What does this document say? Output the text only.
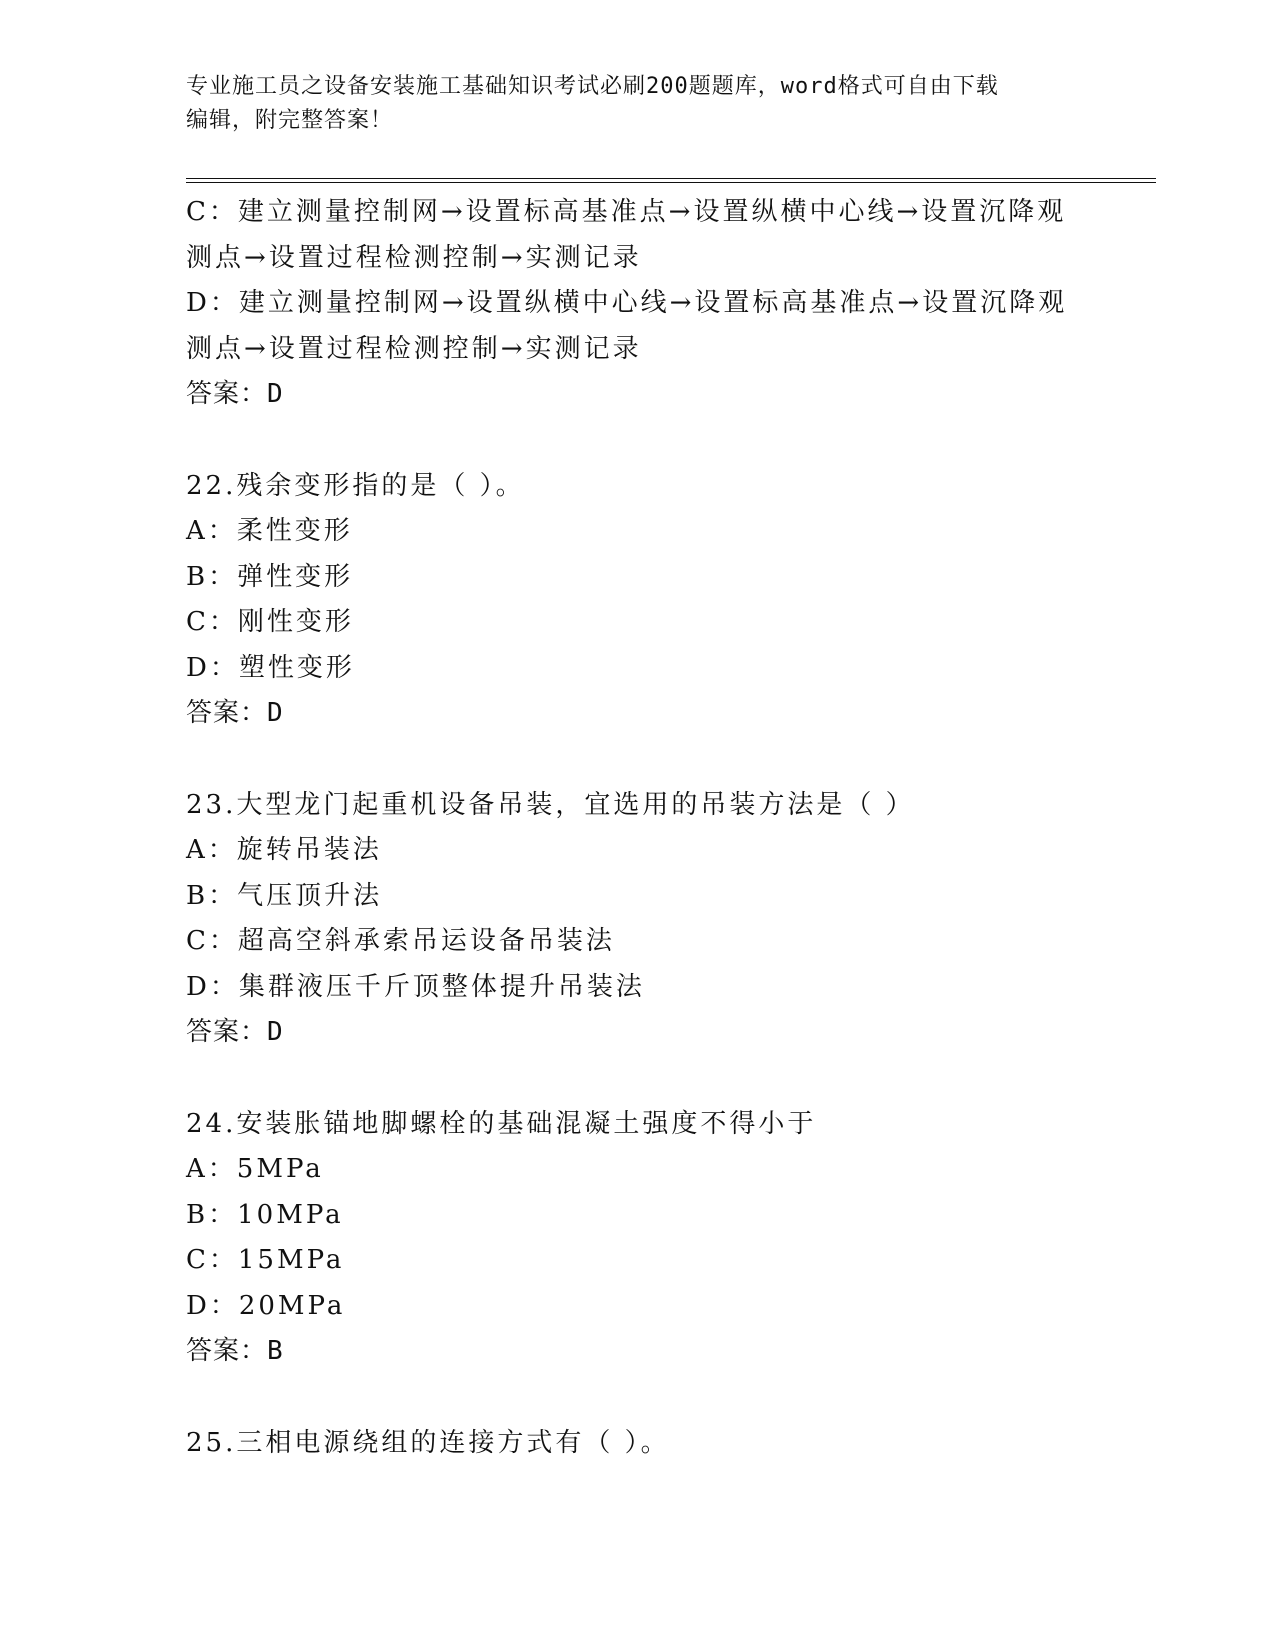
专业施工员之设备安装施工基础知识考试必刷200题题库，word格式可自由下载
编辑，附完整答案！
C：建立测量控制网→设置标高基准点→设置纵横中心线→设置沉降观
测点→设置过程检测控制→实测记录
D：建立测量控制网→设置纵横中心线→设置标高基准点→设置沉降观
测点→设置过程检测控制→实测记录
答案：D
22.残余变形指的是（ ）。
A：柔性变形
B：弹性变形
C：刚性变形
D：塑性变形
答案：D
23.大型龙门起重机设备吊装，宜选用的吊装方法是（ ）
A：旋转吊装法
B：气压顶升法
C：超高空斜承索吊运设备吊装法
D：集群液压千斤顶整体提升吊装法
答案：D
24.安装胀锚地脚螺栓的基础混凝土强度不得小于
A：5MPa
B：10MPa
C：15MPa
D：20MPa
答案：B
25.三相电源绕组的连接方式有（ ）。
